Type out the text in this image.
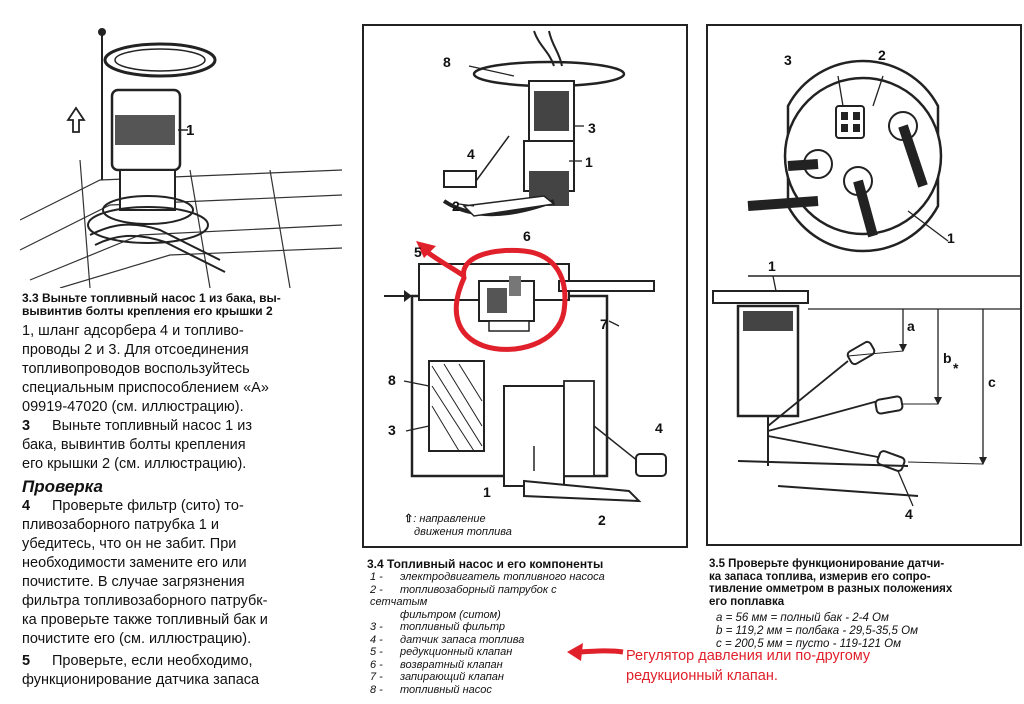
1
3.3 Выньте топливный насос 1 из бака, вы-
вывинтив болты крепления его крышки 2
1, шланг адсорбера 4 и топливо-
проводы 2 и 3. Для отсоединения
топливопроводов воспользуйтесь
специальным приспособлением «А»
09919-47020 (см. иллюстрацию).
3 Выньте топливный насос 1 из
бака, вывинтив болты крепления
его крышки 2 (см. иллюстрацию).
Проверка
4 Проверьте фильтр (сито) то-
пливозаборного патрубка 1 и
убедитесь, что он не забит. При
необходимости замените его или
почистите. В случае загрязнения
фильтра топливозаборного патрубк-
ка проверьте также топливный бак и
почистите его (см. иллюстрацию).
5 Проверьте, если необходимо,
функционирование датчика запаса
8
3
1
4
2
6
5
7
8
3	4
1
2
⇧: направление
движения топлива
3.4 Топливный насос и его компоненты
1 - электродвигатель топливного насоса
2 - топливозаборный патрубок с сетчатым
фильтром (ситом)
3 - топливный фильтр
4 - датчик запаса топлива
5 - редукционный клапан
6 - возвратный клапан
7 - запирающий клапан
8 - топливный насос
3	2
1
1
a
b
*
c
4
3.5 Проверьте функционирование датчи-
ка запаса топлива, измерив его сопро-
тивление омметром в разных положениях
его поплавка
a = 56 мм = полный бак - 2-4 Ом
b = 119,2 мм = полбака - 29,5-35,5 Ом
c = 200,5 мм = пусто - 119-121 Ом
Регулятор давления или по-другому
редукционный клапан.
